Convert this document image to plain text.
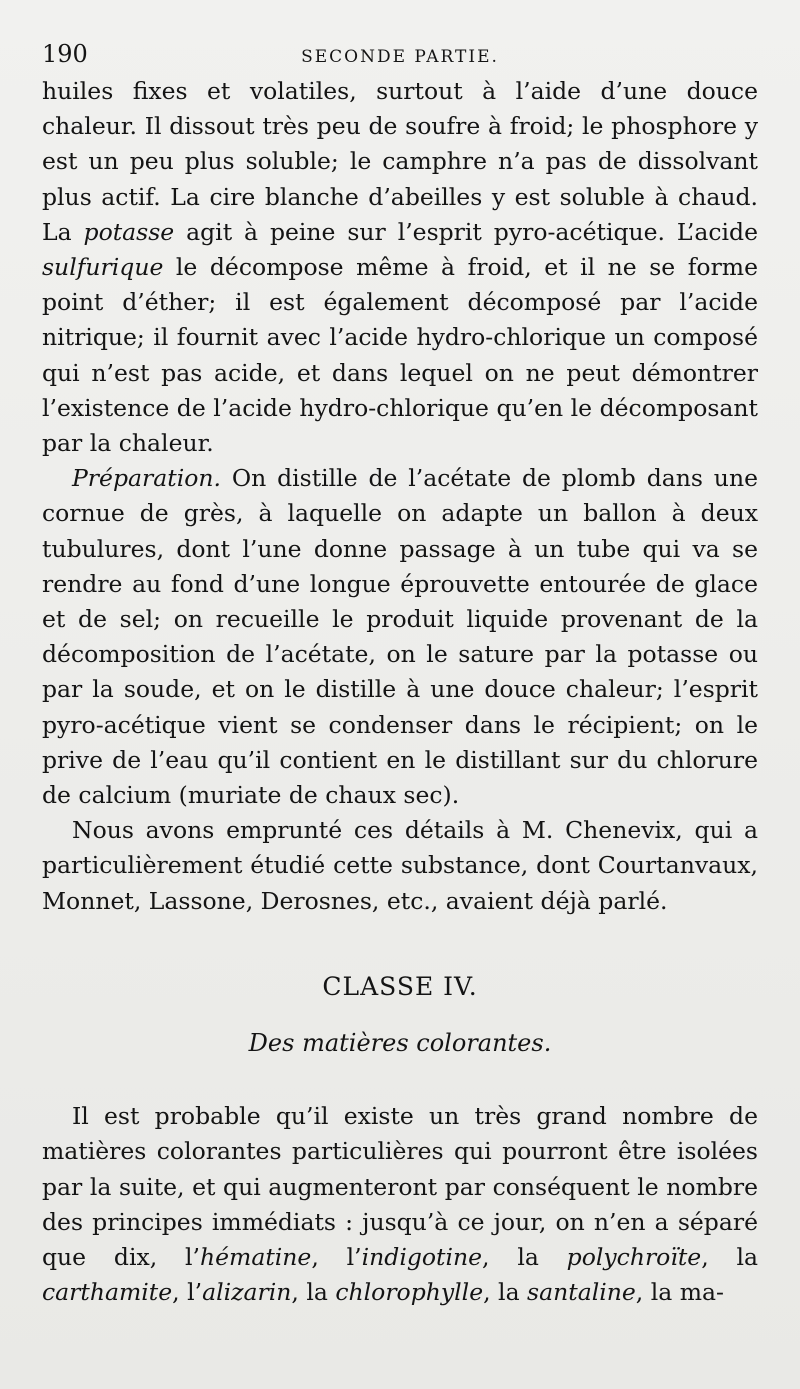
190	SECONDE PARTIE.

huiles fixes et volatiles, surtout à l’aide d’une douce chaleur. Il dissout très peu de soufre à froid; le phosphore y est un peu plus soluble; le camphre n’a pas de dissolvant plus actif. La cire blanche d’abeilles y est soluble à chaud. La potasse agit à peine sur l’esprit pyro-acétique. L’acide sulfurique le décompose même à froid, et il ne se forme point d’éther; il est également décomposé par l’acide nitrique; il fournit avec l’acide hydro-chlorique un composé qui n’est pas acide, et dans lequel on ne peut démontrer l’existence de l’acide hydro-chlorique qu’en le décomposant par la chaleur.

Préparation. On distille de l’acétate de plomb dans une cornue de grès, à laquelle on adapte un ballon à deux tubulures, dont l’une donne passage à un tube qui va se rendre au fond d’une longue éprouvette entourée de glace et de sel; on recueille le produit liquide provenant de la décomposition de l’acétate, on le sature par la potasse ou par la soude, et on le distille à une douce chaleur; l’esprit pyro-acétique vient se condenser dans le récipient; on le prive de l’eau qu’il contient en le distillant sur du chlorure de calcium (muriate de chaux sec).

Nous avons emprunté ces détails à M. Chenevix, qui a particulièrement étudié cette substance, dont Courtanvaux, Monnet, Lassone, Derosnes, etc., avaient déjà parlé.

CLASSE IV.
Des matières colorantes.

Il est probable qu’il existe un très grand nombre de matières colorantes particulières qui pourront être isolées par la suite, et qui augmenteront par conséquent le nombre des principes immédiats : jusqu’à ce jour, on n’en a séparé que dix, l’hématine, l’indigotine, la polychroïte, la carthamite, l’alizarin, la chlorophylle, la santaline, la ma-
